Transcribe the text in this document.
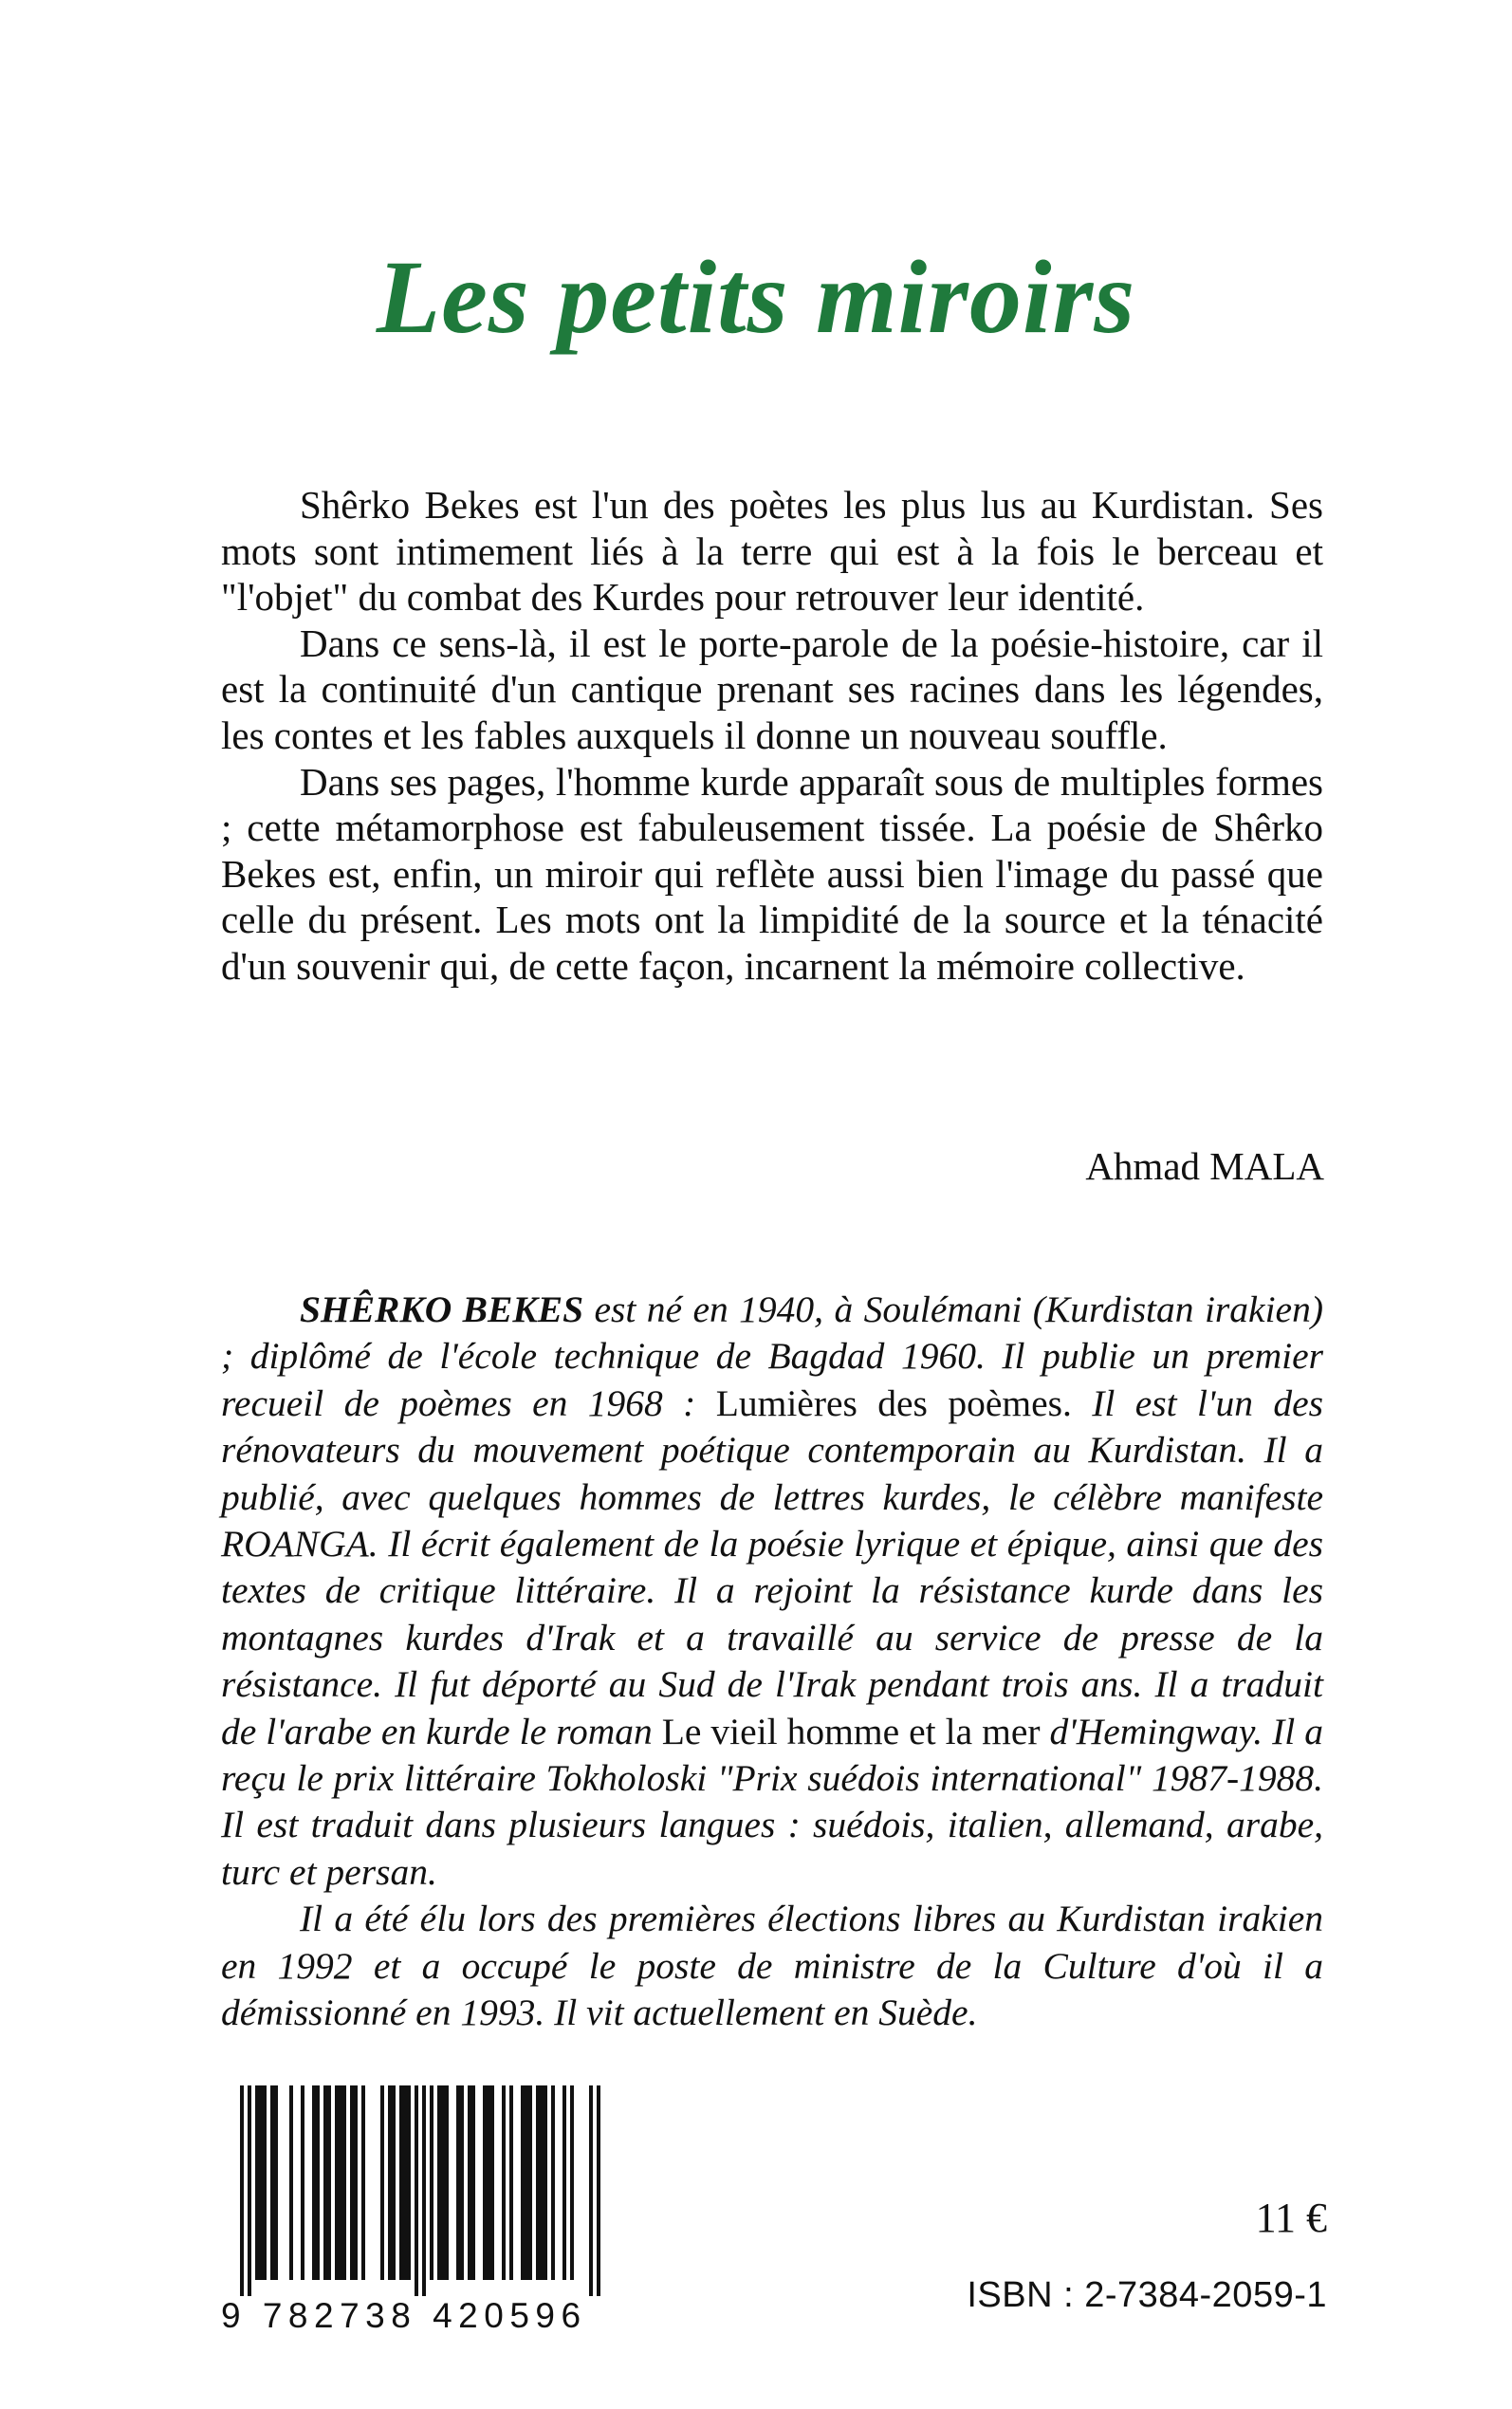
Les petits miroirs

Shêrko Bekes est l'un des poètes les plus lus au Kurdistan. Ses mots sont intimement liés à la terre qui est à la fois le berceau et "l'objet" du combat des Kurdes pour retrouver leur identité.

Dans ce sens-là, il est le porte-parole de la poésie-histoire, car il est la continuité d'un cantique prenant ses racines dans les légendes, les contes et les fables auxquels il donne un nouveau souffle.

Dans ses pages, l'homme kurde apparaît sous de multiples formes ; cette métamorphose est fabuleusement tissée. La poésie de Shêrko Bekes est, enfin, un miroir qui reflète aussi bien l'image du passé que celle du présent. Les mots ont la limpidité de la source et la ténacité d'un souvenir qui, de cette façon, incarnent la mémoire collective.

Ahmad MALA

SHÊRKO BEKES est né en 1940, à Soulémani (Kurdistan irakien) ; diplômé de l'école technique de Bagdad 1960. Il publie un premier recueil de poèmes en 1968 : Lumières des poèmes. Il est l'un des rénovateurs du mouvement poétique contemporain au Kurdistan. Il a publié, avec quelques hommes de lettres kurdes, le célèbre manifeste ROANGA. Il écrit également de la poésie lyrique et épique, ainsi que des textes de critique littéraire. Il a rejoint la résistance kurde dans les montagnes kurdes d'Irak et a travaillé au service de presse de la résistance. Il fut déporté au Sud de l'Irak pendant trois ans. Il a traduit de l'arabe en kurde le roman Le vieil homme et la mer d'Hemingway. Il a reçu le prix littéraire Tokholoski "Prix suédois international" 1987-1988. Il est traduit dans plusieurs langues : suédois, italien, allemand, arabe, turc et persan.

Il a été élu lors des premières élections libres au Kurdistan irakien en 1992 et a occupé le poste de ministre de la Culture d'où il a démissionné en 1993. Il vit actuellement en Suède.

9 782738 420596

11 €

ISBN : 2-7384-2059-1
